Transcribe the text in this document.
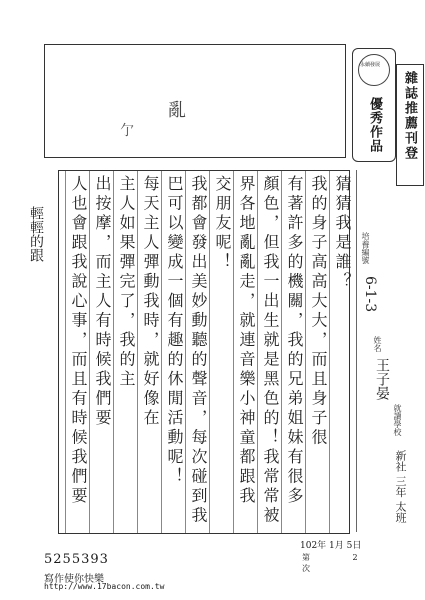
亂
亇
永續發展
優秀作品 雜誌推薦刊登
猜猜我是誰？
我的身子高高大大，而且身子很
有著許多的機關，我的兄弟姐妹有很多
顏色，但我一出生就是黑色的！我常常被
界各地亂亂走，就連音樂小神童都跟我
交朋友呢！
我都會發出美妙動聽的聲音，每次碰到我
巴可以變成一個有趣的休閒活動呢！
每天主人彈動我時，就好像在
主人如果彈完了，我的主
出按摩，而主人有時候我們要
人也會跟我說心事，而且有時候我們要
輕輕的跟	培養編號
6-1-3
姓名
王子晏
就讀學校
新社 三年 太班
102年 1月 5日
第 2 次
5255393
寫作使你快樂
http://www.17bacon.com.tw
